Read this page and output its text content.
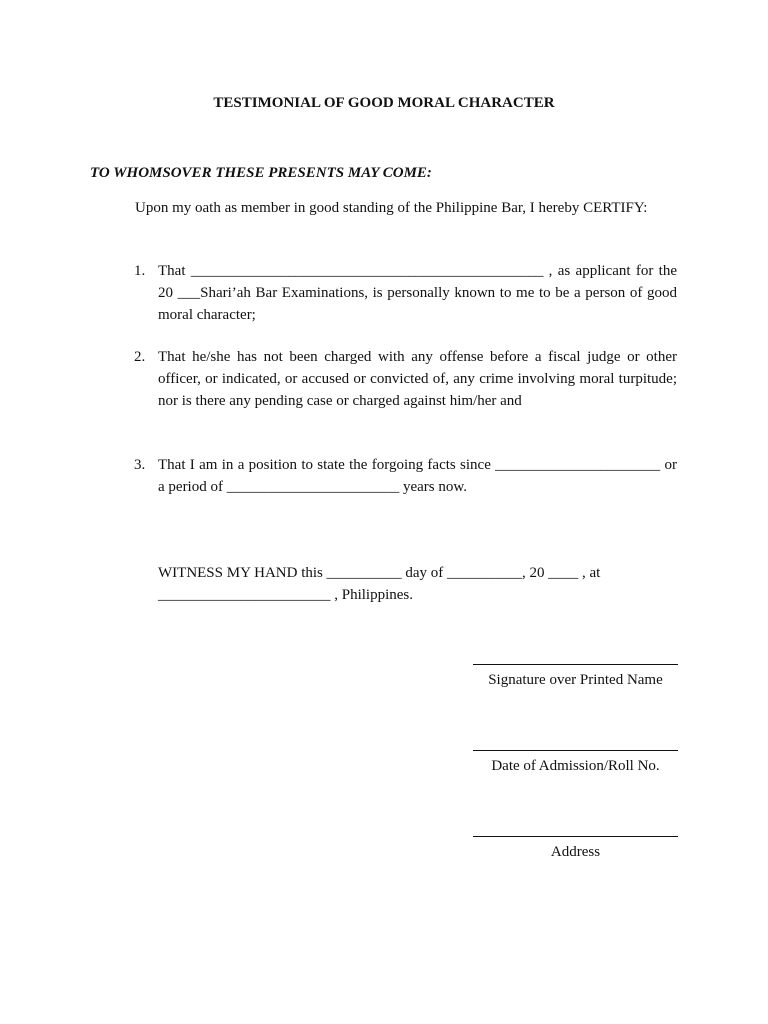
TESTIMONIAL OF GOOD MORAL CHARACTER
TO WHOMSOVER THESE PRESENTS MAY COME:
Upon my oath as member in good standing of the Philippine Bar, I hereby CERTIFY:
1. That _______________________________________________ , as applicant for the 20 ___Shari’ah Bar Examinations, is personally known to me to be a person of good moral character;
2. That he/she has not been charged with any offense before a fiscal judge or other officer, or indicated, or accused or convicted of, any crime involving moral turpitude; nor is there any pending case or charged against him/her and
3. That I am in a position to state the forgoing facts since ______________________ or a period of _______________________ years now.
WITNESS MY HAND this __________ day of __________, 20 ____ , at _______________________ , Philippines.
Signature over Printed Name
Date of Admission/Roll No.
Address
